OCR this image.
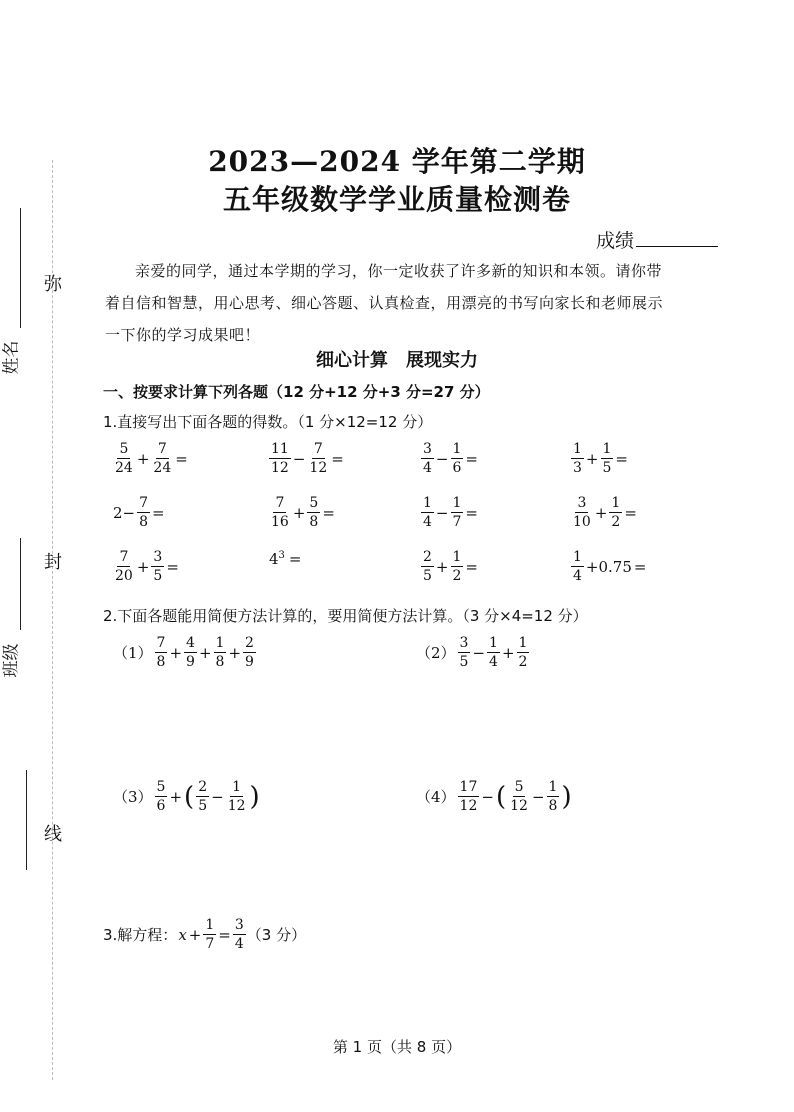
姓名
班级
弥
封
线
2023—2024 学年第二学期
五年级数学学业质量检测卷
成绩
亲爱的同学，通过本学期的学习，你一定收获了许多新的知识和本领。请你带着自信和智慧，用心思考、细心答题、认真检查，用漂亮的书写向家长和老师展示一下你的学习成果吧！
细心计算　展现实力
一、按要求计算下列各题（12 分+12 分+3 分=27 分）
1.直接写出下面各题的得数。（1 分×12=12 分）
$\frac{5}{24} + \frac{7}{24}$ =	$\frac{11}{12} - \frac{7}{12}$ =	$\frac{3}{4} - \frac{1}{6}$ =	$\frac{1}{3} + \frac{1}{5}$ =
$2- \frac{7}{8}$ =	$\frac{7}{16} + \frac{5}{8}$ =	$\frac{1}{4} - \frac{1}{7}$ =	$\frac{3}{10} + \frac{1}{2}$ =
$\frac{7}{20} + \frac{3}{5}$ =	$4^3$ =	$\frac{2}{5} + \frac{1}{2}$ =	$\frac{1}{4} +0.75$ =
2.下面各题能用简便方法计算的，要用简便方法计算。（3 分×4=12 分）
$(1) \frac{7}{8} + \frac{4}{9} + \frac{1}{8} + \frac{2}{9}$	$(2) \frac{3}{5} - \frac{1}{4} + \frac{1}{2}$
$(3) \frac{5}{6}$ + ( $\frac{2}{5} - \frac{1}{12}$ )	$(4) \frac{17}{12}$ − ( $\frac{5}{12} - \frac{1}{8}$ )
3.解方程： $x + \frac{1}{7} = \frac{3}{4} (3$ 分）
第 1 页（共 8 页）
